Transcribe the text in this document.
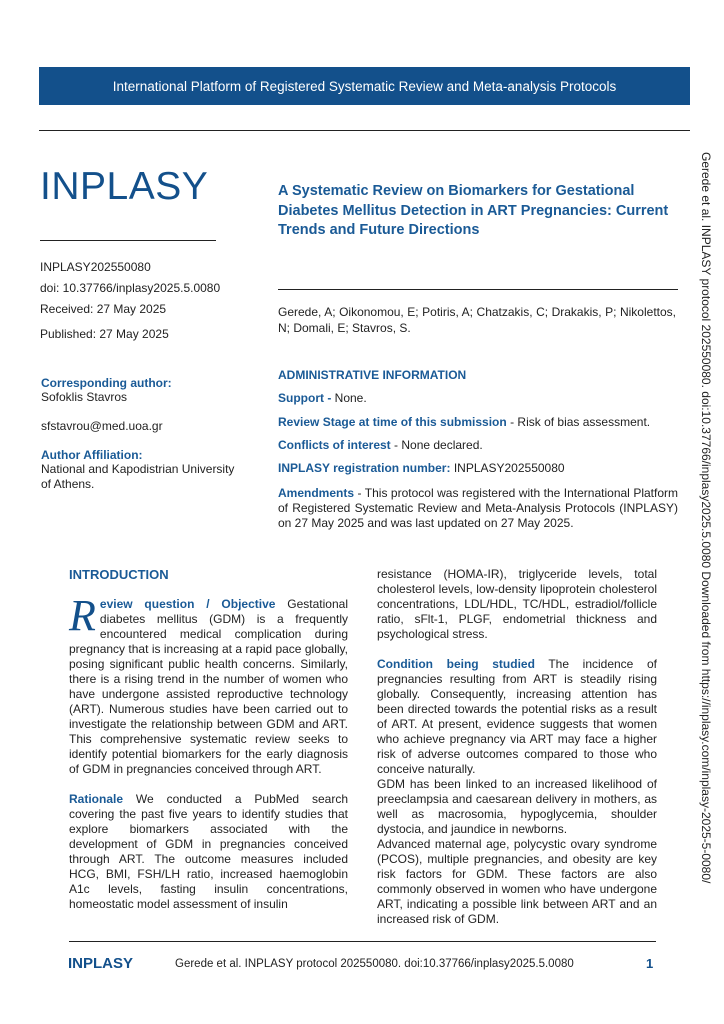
International Platform of Registered Systematic Review and Meta-analysis Protocols
INPLASY
INPLASY202550080
doi: 10.37766/inplasy2025.5.0080
Received: 27 May 2025
Published: 27 May 2025
Corresponding author:
Sofoklis Stavros
sfstavrou@med.uoa.gr
Author Affiliation:
National and Kapodistrian University
of Athens.
A Systematic Review on Biomarkers for Gestational Diabetes Mellitus Detection in ART Pregnancies: Current Trends and Future Directions
Gerede, A; Oikonomou, E; Potiris, A; Chatzakis, C; Drakakis, P; Nikolettos, N; Domali, E; Stavros, S.
ADMINISTRATIVE INFORMATION
Support - None.
Review Stage at time of this submission - Risk of bias assessment.
Conflicts of interest - None declared.
INPLASY registration number: INPLASY202550080
Amendments - This protocol was registered with the International Platform of Registered Systematic Review and Meta-Analysis Protocols (INPLASY) on 27 May 2025 and was last updated on 27 May 2025.

INTRODUCTION

Review question / Objective Gestational diabetes mellitus (GDM) is a frequently encountered medical complication during pregnancy that is increasing at a rapid pace globally, posing significant public health concerns. Similarly, there is a rising trend in the number of women who have undergone assisted reproductive technology (ART). Numerous studies have been carried out to investigate the relationship between GDM and ART. This comprehensive systematic review seeks to identify potential biomarkers for the early diagnosis of GDM in pregnancies conceived through ART.

Rationale We conducted a PubMed search covering the past five years to identify studies that explore biomarkers associated with the development of GDM in pregnancies conceived through ART. The outcome measures included HCG, BMI, FSH/LH ratio, increased haemoglobin A1c levels, fasting insulin concentrations, homeostatic model assessment of insulin

resistance (HOMA-IR), triglyceride levels, total cholesterol levels, low-density lipoprotein cholesterol concentrations, LDL/HDL, TC/HDL, estradiol/follicle ratio, sFlt-1, PLGF, endometrial thickness and psychological stress.

Condition being studied The incidence of pregnancies resulting from ART is steadily rising globally. Consequently, increasing attention has been directed towards the potential risks as a result of ART. At present, evidence suggests that women who achieve pregnancy via ART may face a higher risk of adverse outcomes compared to those who conceive naturally.

GDM has been linked to an increased likelihood of preeclampsia and caesarean delivery in mothers, as well as macrosomia, hypoglycemia, shoulder dystocia, and jaundice in newborns.

Advanced maternal age, polycystic ovary syndrome (PCOS), multiple pregnancies, and obesity are key risk factors for GDM. These factors are also commonly observed in women who have undergone ART, indicating a possible link between ART and an increased risk of GDM.

Gerede et al. INPLASY protocol 202550080. doi:10.37766/inplasy2025.5.0080 Downloaded from https://inplasy.com/inplasy-2025-5-0080/
INPLASY	Gerede et al. INPLASY protocol 202550080. doi:10.37766/inplasy2025.5.0080	1
